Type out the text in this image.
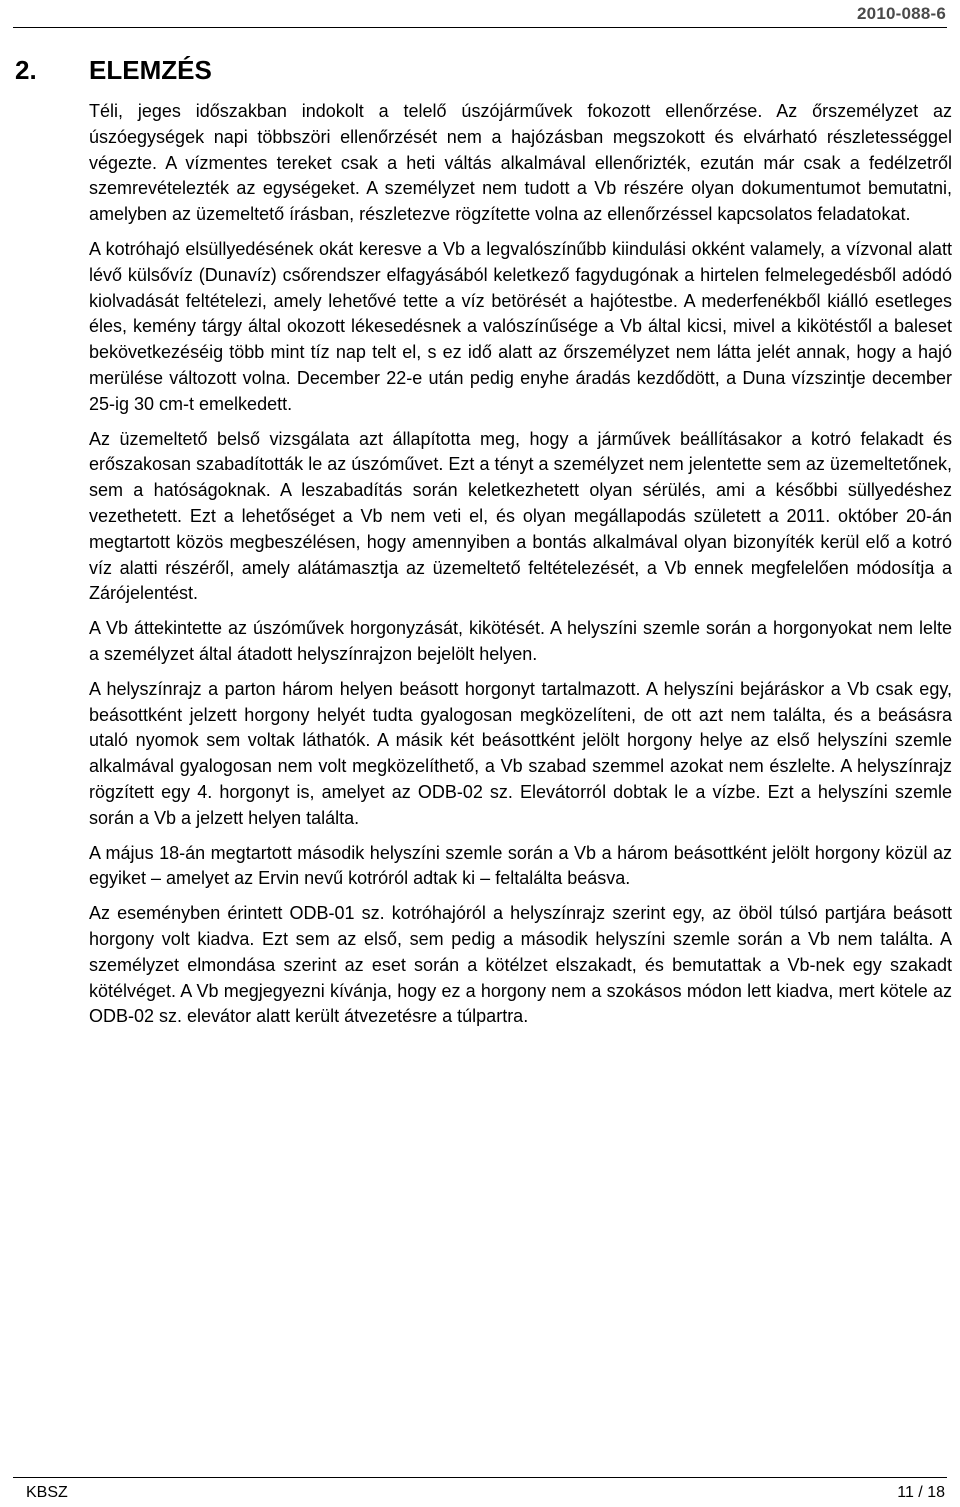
2010-088-6
2. ELEMZÉS

Téli, jeges időszakban indokolt a telelő úszójárművek fokozott ellenőrzése. Az őrszemélyzet az úszóegységek napi többszöri ellenőrzését nem a hajózásban megszokott és elvárható részletességgel végezte. A vízmentes tereket csak a heti váltás alkalmával ellenőrizték, ezután már csak a fedélzetről szemrevételezték az egységeket. A személyzet nem tudott a Vb részére olyan dokumentumot bemutatni, amelyben az üzemeltető írásban, részletezve rögzítette volna az ellenőrzéssel kapcsolatos feladatokat.

A kotróhajó elsüllyedésének okát keresve a Vb a legvalószínűbb kiindulási okként valamely, a vízvonal alatt lévő külsővíz (Dunavíz) csőrendszer elfagyásából keletkező fagydugónak a hirtelen felmelegedésből adódó kiolvadását feltételezi, amely lehetővé tette a víz betörését a hajótestbe. A mederfenékből kiálló esetleges éles, kemény tárgy által okozott lékesedésnek a valószínűsége a Vb által kicsi, mivel a kikötéstől a baleset bekövetkezéséig több mint tíz nap telt el, s ez idő alatt az őrszemélyzet nem látta jelét annak, hogy a hajó merülése változott volna. December 22-e után pedig enyhe áradás kezdődött, a Duna vízszintje december 25-ig 30 cm-t emelkedett.

Az üzemeltető belső vizsgálata azt állapította meg, hogy a járművek beállításakor a kotró felakadt és erőszakosan szabadították le az úszóművet. Ezt a tényt a személyzet nem jelentette sem az üzemeltetőnek, sem a hatóságoknak. A leszabadítás során keletkezhetett olyan sérülés, ami a későbbi süllyedéshez vezethetett. Ezt a lehetőséget a Vb nem veti el, és olyan megállapodás született a 2011. október 20-án megtartott közös megbeszélésen, hogy amennyiben a bontás alkalmával olyan bizonyíték kerül elő a kotró víz alatti részéről, amely alátámasztja az üzemeltető feltételezését, a Vb ennek megfelelően módosítja a Zárójelentést.

A Vb áttekintette az úszóművek horgonyzását, kikötését. A helyszíni szemle során a horgonyokat nem lelte a személyzet által átadott helyszínrajzon bejelölt helyen.

A helyszínrajz a parton három helyen beásott horgonyt tartalmazott. A helyszíni bejáráskor a Vb csak egy, beásottként jelzett horgony helyét tudta gyalogosan megközelíteni, de ott azt nem találta, és a beásásra utaló nyomok sem voltak láthatók. A másik két beásottként jelölt horgony helye az első helyszíni szemle alkalmával gyalogosan nem volt megközelíthető, a Vb szabad szemmel azokat nem észlelte. A helyszínrajz rögzített egy 4. horgonyt is, amelyet az ODB-02 sz. Elevátorról dobtak le a vízbe. Ezt a helyszíni szemle során a Vb a jelzett helyen találta.

A május 18-án megtartott második helyszíni szemle során a Vb a három beásottként jelölt horgony közül az egyiket – amelyet az Ervin nevű kotróról adtak ki – feltalálta beásva.

Az eseményben érintett ODB-01 sz. kotróhajóról a helyszínrajz szerint egy, az öböl túlsó partjára beásott horgony volt kiadva. Ezt sem az első, sem pedig a második helyszíni szemle során a Vb nem találta. A személyzet elmondása szerint az eset során a kötélzet elszakadt, és bemutattak a Vb-nek egy szakadt kötélvéget. A Vb megjegyezni kívánja, hogy ez a horgony nem a szokásos módon lett kiadva, mert kötele az ODB-02 sz. elevátor alatt került átvezetésre a túlpartra.

KBSZ	11 / 18
